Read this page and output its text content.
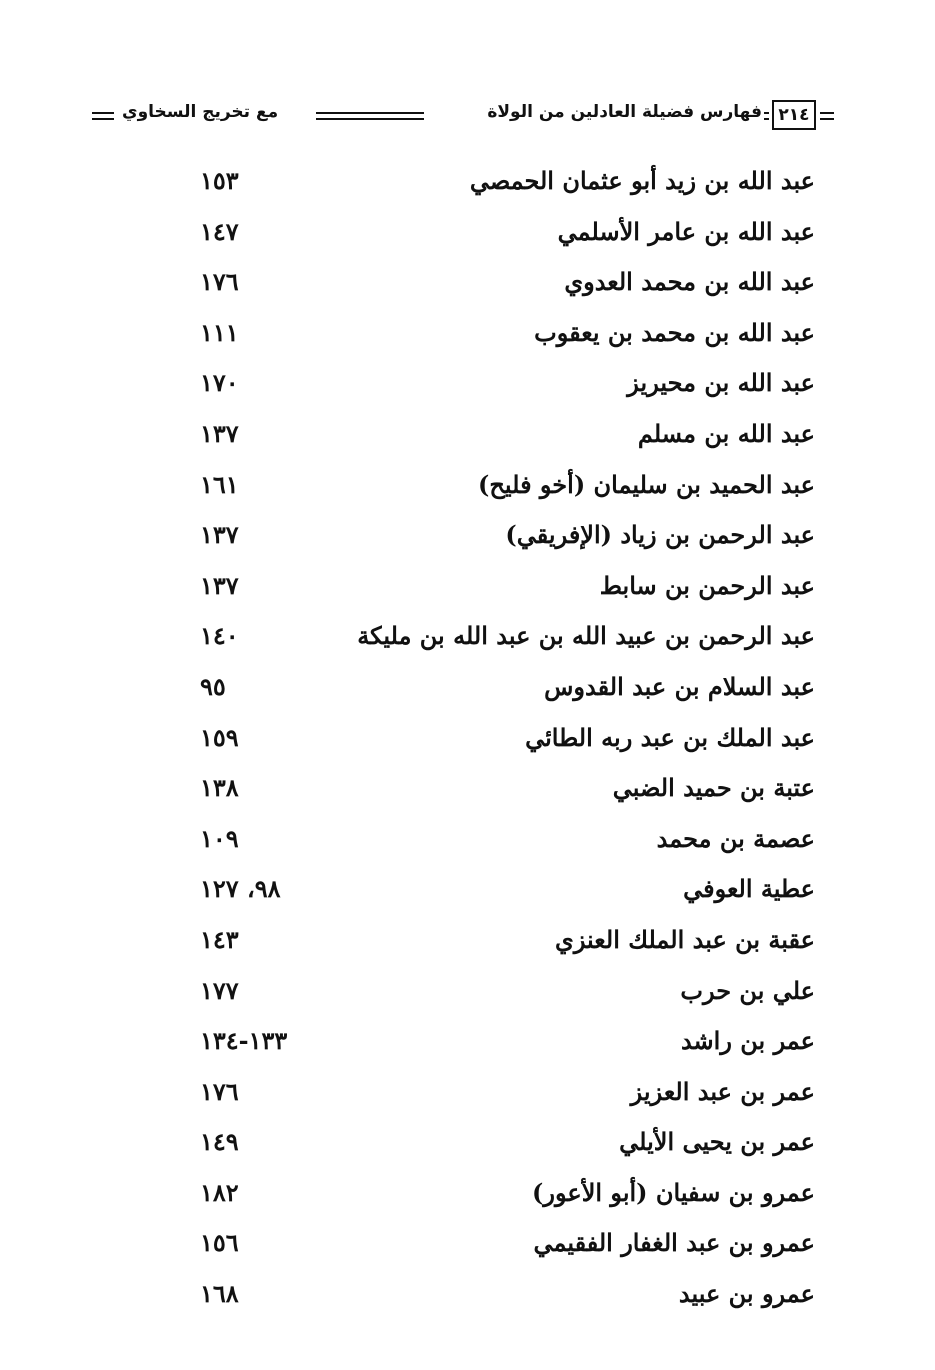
٢١٤
فهارس فضيلة العادلين من الولاة
مع تخريج السخاوي
عبد الله بن زيد أبو عثمان الحمصي
١٥٣
عبد الله بن عامر الأسلمي
١٤٧
عبد الله بن محمد العدوي
١٧٦
عبد الله بن محمد بن يعقوب
١١١
عبد الله بن محيريز
١٧٠
عبد الله بن مسلم
١٣٧
عبد الحميد بن سليمان (أخو فليح)
١٦١
عبد الرحمن بن زياد (الإفريقي)
١٣٧
عبد الرحمن بن سابط
١٣٧
عبد الرحمن بن عبيد الله بن عبد الله بن مليكة
١٤٠
عبد السلام بن عبد القدوس
٩٥
عبد الملك بن عبد ربه الطائي
١٥٩
عتبة بن حميد الضبي
١٣٨
عصمة بن محمد
١٠٩
عطية العوفي
٩٨، ١٢٧
عقبة بن عبد الملك العنزي
١٤٣
علي بن حرب
١٧٧
عمر بن راشد
١٣٣-١٣٤
عمر بن عبد العزيز
١٧٦
عمر بن يحيى الأيلي
١٤٩
عمرو بن سفيان (أبو الأعور)
١٨٢
عمرو بن عبد الغفار الفقيمي
١٥٦
عمرو بن عبيد
١٦٨
